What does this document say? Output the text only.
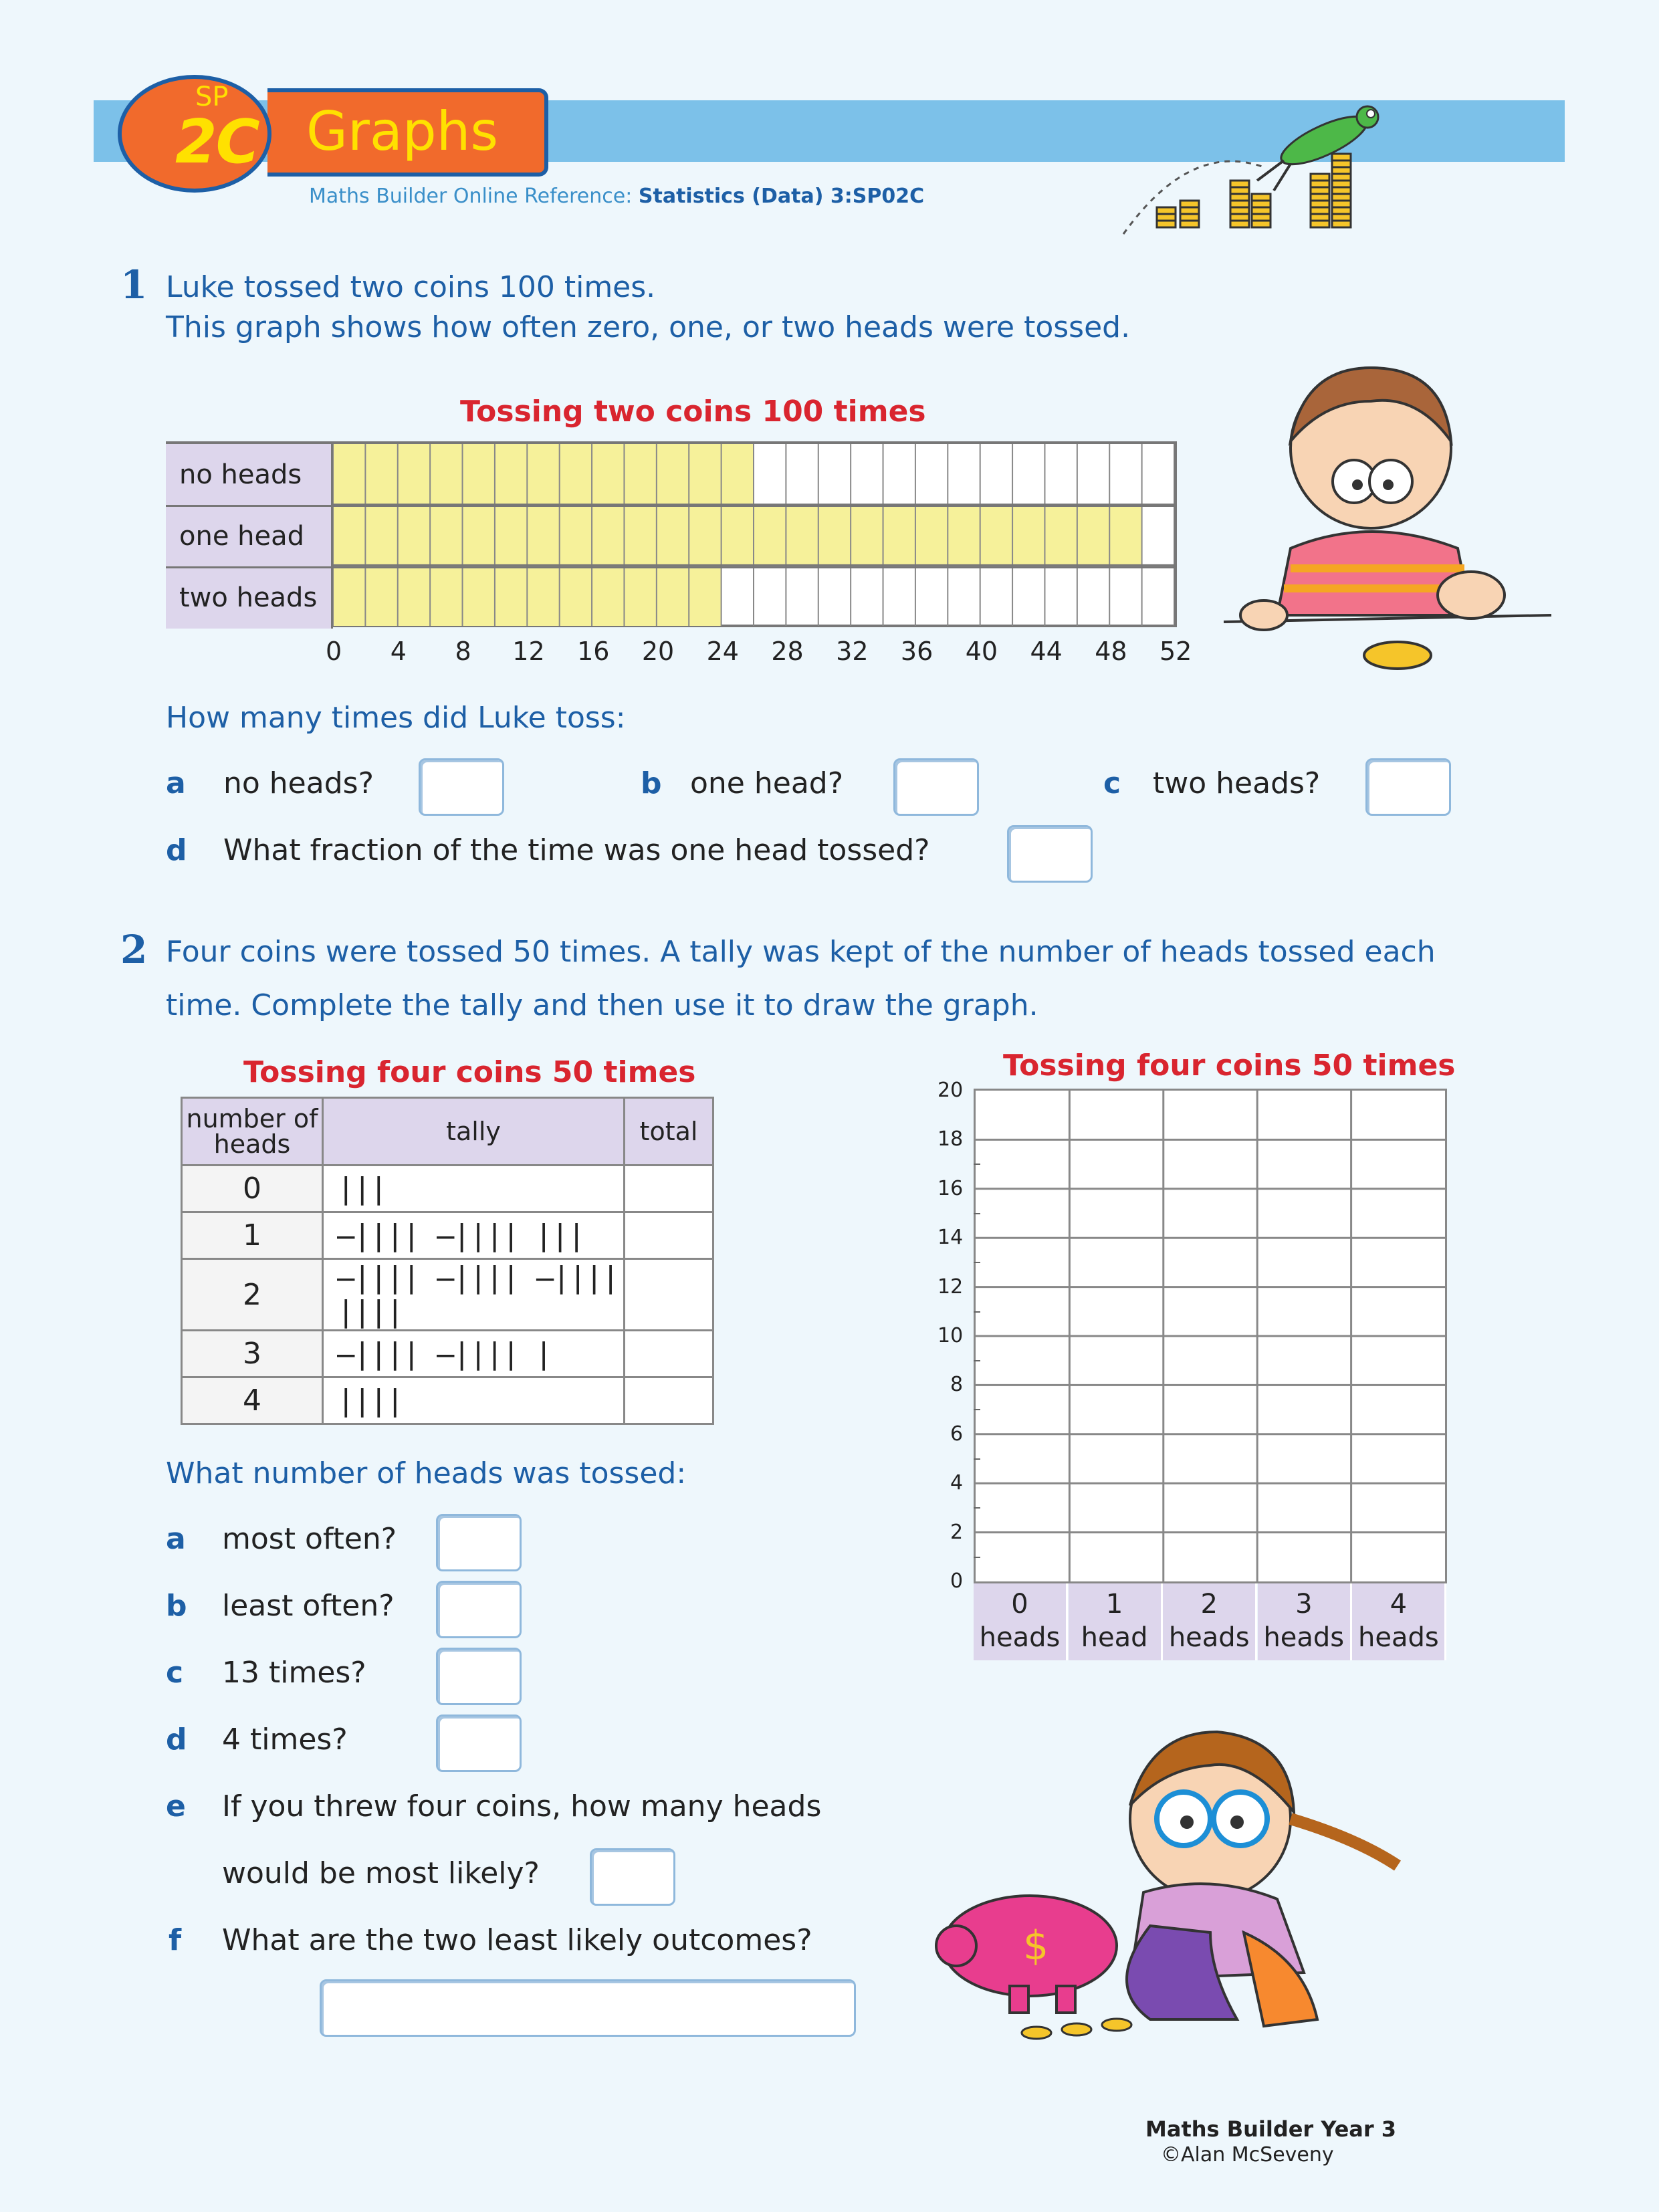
SP
2C Graphs
Maths Builder Online Reference: Statistics (Data) 3:SP02C
1 Luke tossed two coins 100 times.
This graph shows how often zero, one, or two heads were tossed.
Tossing two coins 100 times
no heads
one head
two heads
0 4 8 12 16 20 24 28 32 36 40 44 48 52
How many times did Luke toss:
a no heads?	b one head?	c two heads?
d What fraction of the time was one head tossed?
2 Four coins were tossed 50 times. A tally was kept of the number of heads tossed each
time. Complete the tally and then use it to draw the graph.
Tossing four coins 50 times
number of heads	tally	total
0	|||	
1	̶|||| ̶|||| |||	
2	̶|||| ̶|||| ̶|||| ||||	
3	̶|||| ̶|||| |	
4	||||	
Tossing four coins 50 times
0
2
4
6
8
10
12
14
16
18
20
0
heads
1
head
2
heads
3
heads
4
heads
What number of heads was tossed:
a most often?
b least often?
c 13 times?
d 4 times?
e If you threw four coins, how many heads
would be most likely?
f What are the two least likely outcomes?	$
Maths Builder Year 3
©Alan McSeveny
